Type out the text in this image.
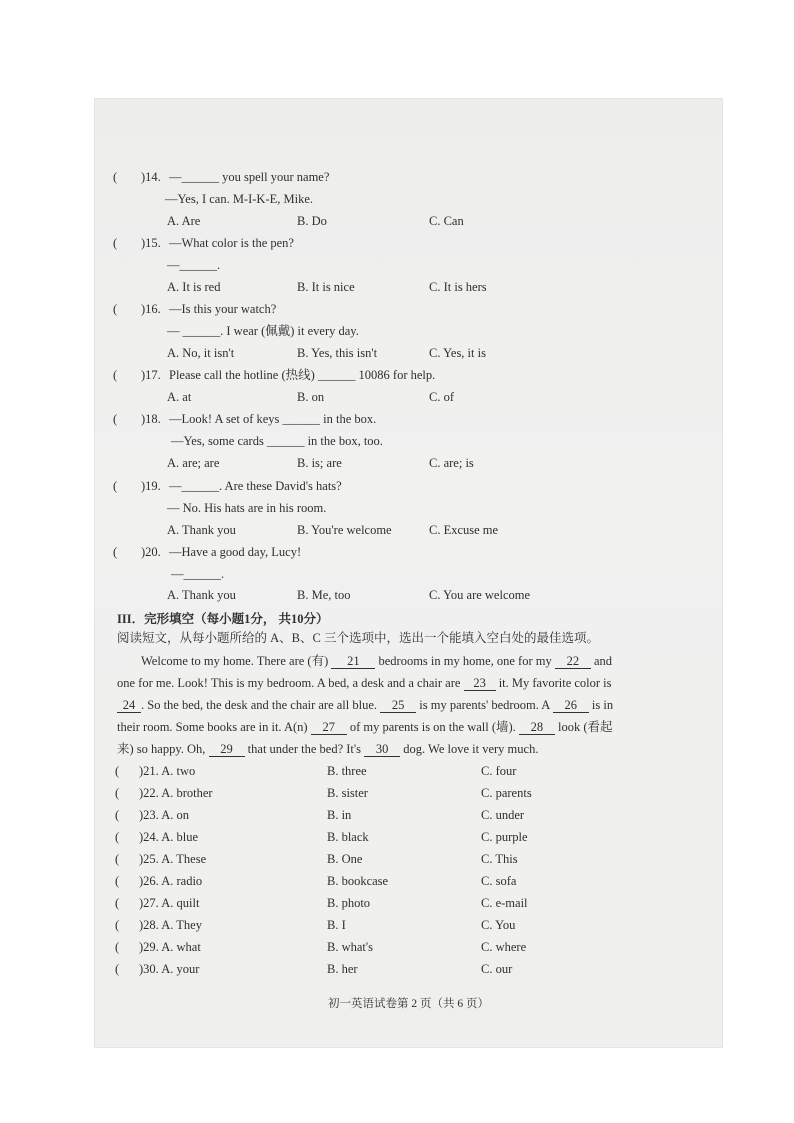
( )14. —______ you spell your name?
—Yes, I can. M-I-K-E, Mike.
A. Are	B. Do	C. Can
( )15. —What color is the pen?
—______.
A. It is red	B. It is nice	C. It is hers
( )16. —Is this your watch?
— ______. I wear (佩戴) it every day.
A. No, it isn't	B. Yes, this isn't	C. Yes, it is
( )17. Please call the hotline (热线) ______ 10086 for help.
A. at	B. on	C. of
( )18. —Look! A set of keys ______ in the box.
—Yes, some cards ______ in the box, too.
A. are; are	B. is; are	C. are; is
( )19. —______. Are these David's hats?
— No. His hats are in his room.
A. Thank you	B. You're welcome	C. Excuse me
( )20. —Have a good day, Lucy!
—______.
A. Thank you	B. Me, too	C. You are welcome
III．完形填空（每小题1分， 共10分）
阅读短文，从每小题所给的 A、B、C 三个选项中，选出一个能填入空白处的最佳选项。
Welcome to my home. There are (有) 21 bedrooms in my home, one for my 22 and
one for me. Look! This is my bedroom. A bed, a desk and a chair are 23 it. My favorite color is
24 . So the bed, the desk and the chair are all blue. 25 is my parents' bedroom. A 26 is in
their room. Some books are in it. A(n) 27 of my parents is on the wall (墙). 28 look (看起
来) so happy. Oh, 29 that under the bed? It's 30 dog. We love it very much.
( )21. A. two	B. three	C. four
( )22. A. brother	B. sister	C. parents
( )23. A. on	B. in	C. under
( )24. A. blue	B. black	C. purple
( )25. A. These	B. One	C. This
( )26. A. radio	B. bookcase	C. sofa
( )27. A. quilt	B. photo	C. e-mail
( )28. A. They	B. I	C. You
( )29. A. what	B. what's	C. where
( )30. A. your	B. her	C. our
初一英语试卷第 2 页（共 6 页）
